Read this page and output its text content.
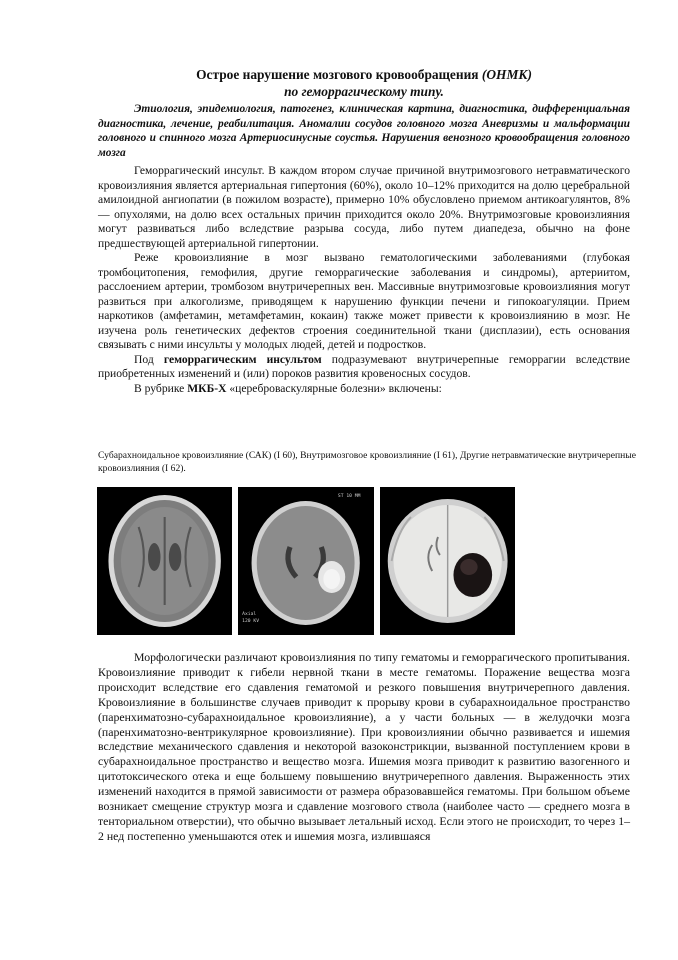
Острое нарушение мозгового кровообращения (ОНМК)
по геморрагическому типу.
Этиология, эпидемиология, патогенез, клиническая картина, диагностика, дифференциальная диагностика, лечение, реабилитация. Аномалии сосудов головного мозга Аневризмы и мальформации головного и спинного мозга Артериосинусные соустья. Нарушения венозного кровообращения головного мозга

Геморрагический инсульт. В каждом втором случае причиной внутримозгового нетравматического кровоизлияния является артериальная гипертония (60%), около 10–12% приходится на долю церебральной амилоидной ангиопатии (в пожилом возрасте), примерно 10% обусловлено приемом антикоагулянтов, 8% — опухолями, на долю всех остальных причин приходится около 20%. Внутримозговые кровоизлияния могут развиваться либо вследствие разрыва сосуда, либо путем диапедеза, обычно на фоне предшествующей артериальной гипертонии.

Реже кровоизлияние в мозг вызвано гематологическими заболеваниями (глубокая тромбоцитопения, гемофилия, другие геморрагические заболевания и синдромы), артериитом, расслоением артерии, тромбозом внутричерепных вен. Массивные внутримозговые кровоизлияния могут развиться при алкоголизме, приводящем к нарушению функции печени и гипокоагуляции. Прием наркотиков (амфетамин, метамфетамин, кокаин) также может привести к кровоизлиянию в мозг. Не изучена роль генетических дефектов строения соединительной ткани (дисплазии), есть основания связывать с ними инсульты у молодых людей, детей и подростков.

Под геморрагическим инсультом подразумевают внутричерепные геморрагии вследствие приобретенных изменений и (или) пороков развития кровеносных сосудов.

В рубрике МКБ-Х «цереброваскулярные болезни» включены:

Субарахноидальное кровоизлияние (САК) (I 60), Внутримозговое кровоизлияние (I 61), Другие нетравматические внутричерепные кровоизлияния (I 62).
ST 10 MM
Axial
120 KV

Морфологически различают кровоизлияния по типу гематомы и геморрагического пропитывания. Кровоизлияние приводит к гибели нервной ткани в месте гематомы. Поражение вещества мозга происходит вследствие его сдавления гематомой и резкого повышения внутричерепного давления. Кровоизлияние в большинстве случаев приводит к прорыву крови в субарахноидальное пространство (паренхиматозно-субарахноидальное кровоизлияние), а у части больных — в желудочки мозга (паренхиматозно-вентрикулярное кровоизлияние). При кровоизлиянии обычно развивается и ишемия вследствие механического сдавления и некоторой вазоконстрикции, вызванной поступлением крови в субарахноидальное пространство и вещество мозга. Ишемия мозга приводит к развитию вазогенного и цитотоксического отека и еще большему повышению внутричерепного давления. Выраженность этих изменений находится в прямой зависимости от размера образовавшейся гематомы. При большом объеме возникает смещение структур мозга и сдавление мозгового ствола (наиболее часто — среднего мозга в тенториальном отверстии), что обычно вызывает летальный исход. Если этого не происходит, то через 1–2 нед постепенно уменьшаются отек и ишемия мозга, излившаяся
